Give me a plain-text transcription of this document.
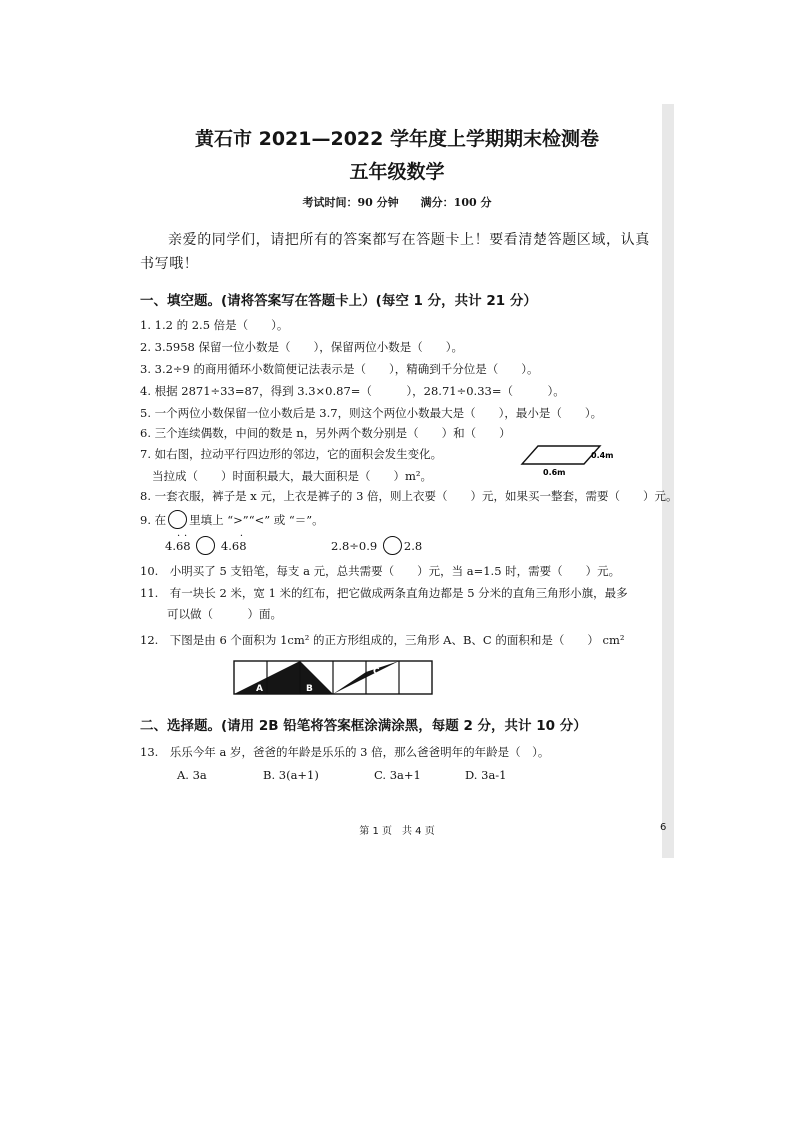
6
黄石市 2021—2022 学年度上学期期末检测卷
五年级数学
考试时间：90 分钟 满分：100 分
亲爱的同学们，请把所有的答案都写在答题卡上！要看清楚答题区域，认真书写哦！
一、填空题。(请将答案写在答题卡上）(每空 1 分，共计 21 分）
1. 1.2 的 2.5 倍是（　　）。
2. 3.5958 保留一位小数是（　　），保留两位小数是（　　）。
3. 3.2÷9 的商用循环小数简便记法表示是（　　），精确到千分位是（　　）。
4. 根据 2871÷33=87，得到 3.3×0.87=（　　　），28.71÷0.33=（　　　）。
5. 一个两位小数保留一位小数后是 3.7，则这个两位小数最大是（　　），最小是（　　）。
6. 三个连续偶数，中间的数是 n，另外两个数分别是（　　）和（　　）
7. 如右图，拉动平行四边形的邻边，它的面积会发生变化。
当拉成（　　）时面积最大，最大面积是（　　）m²。
0.4m
0.6m
8. 一套衣服，裤子是 x 元，上衣是裤子的 3 倍，则上衣要（　　）元，如果买一整套，需要（　　）元。
9. 在 里填上 “>”“<” 或 “＝”。
· ·
4.68
·
4.68	2.8÷0.9 2.8
10.　小明买了 5 支铅笔，每支 a 元，总共需要（　　）元，当 a=1.5 时，需要（　　）元。
11.　有一块长 2 米，宽 1 米的红布，把它做成两条直角边都是 5 分米的直角三角形小旗，最多
可以做（　　　）面。
12.　下图是由 6 个面积为 1cm² 的正方形组成的，三角形 A、B、C 的面积和是（　　） cm²
A	B
C
二、选择题。(请用 2B 铅笔将答案框涂满涂黑，每题 2 分，共计 10 分）
13.　乐乐今年 a 岁，爸爸的年龄是乐乐的 3 倍，那么爸爸明年的年龄是（　）。
A. 3a	B. 3(a+1)	C. 3a+1	D. 3a-1
第 1 页　共 4 页
